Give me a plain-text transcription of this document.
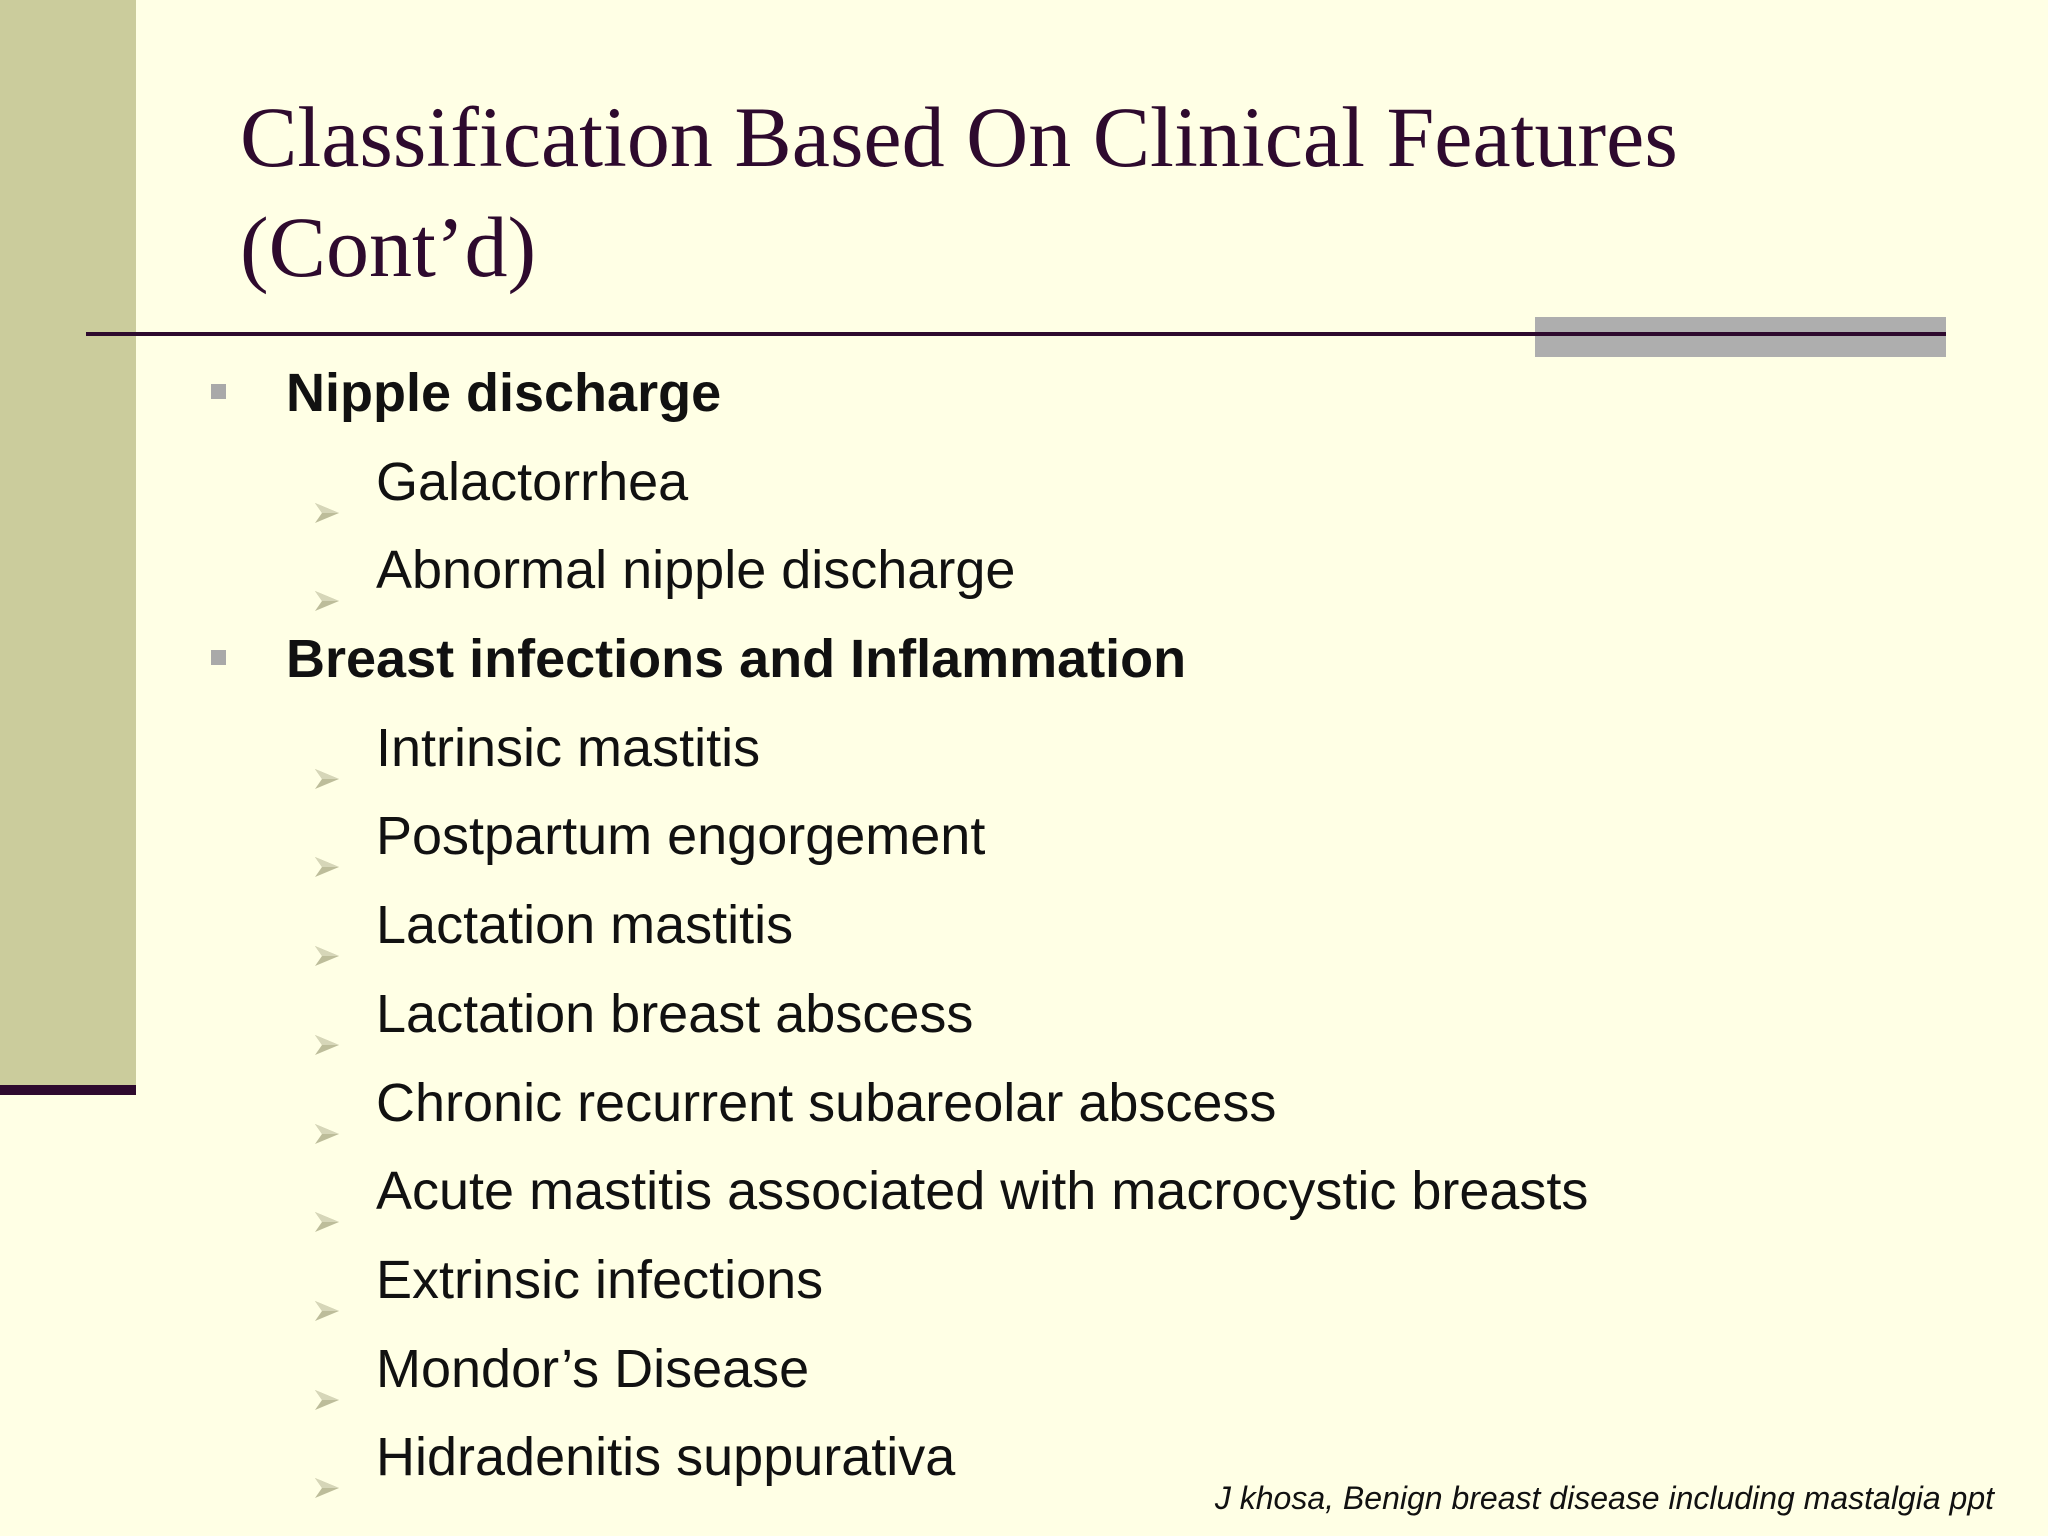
Classification Based On Clinical Features (Cont’d)
Nipple discharge
Galactorrhea
Abnormal nipple discharge
Breast infections and Inflammation
Intrinsic mastitis
Postpartum engorgement
Lactation mastitis
Lactation breast abscess
Chronic recurrent subareolar abscess
Acute mastitis associated with macrocystic breasts
Extrinsic infections
Mondor’s Disease
Hidradenitis suppurativa
J khosa, Benign breast disease including mastalgia ppt
